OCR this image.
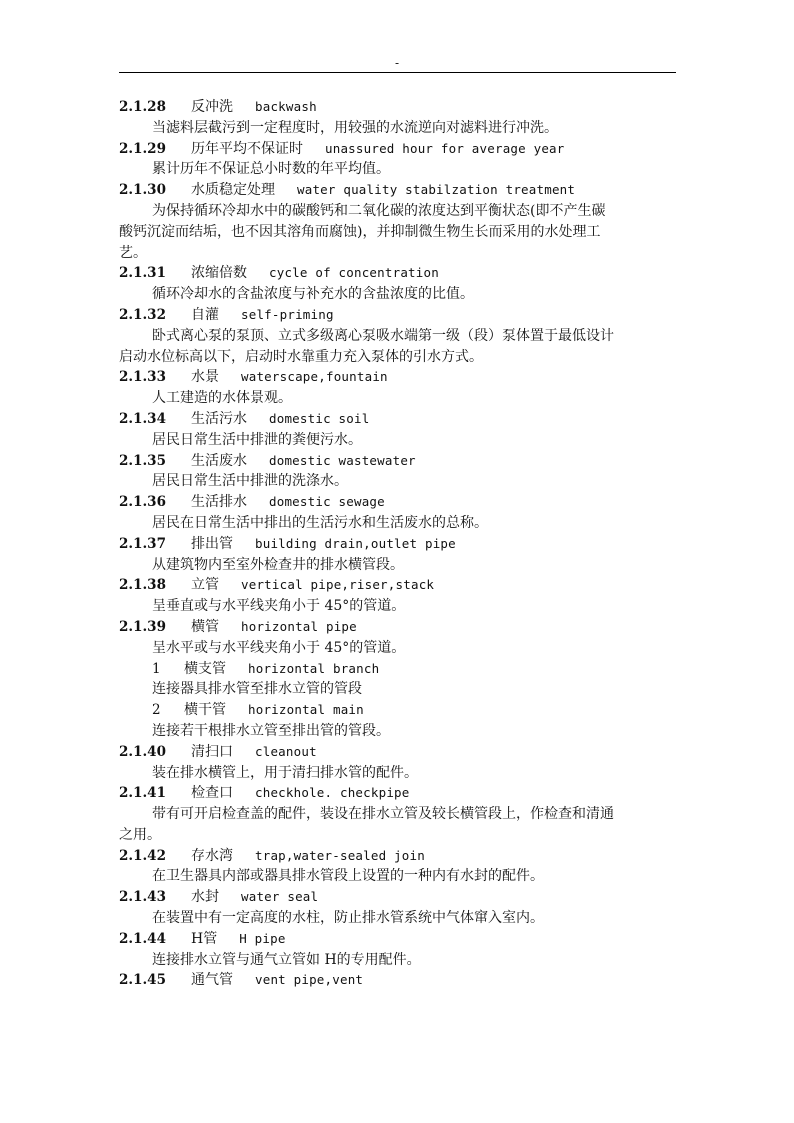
-
2.1.28 反冲洗 backwash
当滤料层截污到一定程度时，用较强的水流逆向对滤料进行冲洗。
2.1.29 历年平均不保证时 unassured hour for average year
累计历年不保证总小时数的年平均值。
2.1.30 水质稳定处理 water quality stabilzation treatment
为保持循环冷却水中的碳酸钙和二氧化碳的浓度达到平衡状态(即不产生碳
酸钙沉淀而结垢，也不因其溶角而腐蚀)，并抑制微生物生长而采用的水处理工
艺。
2.1.31 浓缩倍数 cycle of concentration
循环冷却水的含盐浓度与补充水的含盐浓度的比值。
2.1.32 自灌 self-priming
卧式离心泵的泵顶、立式多级离心泵吸水端第一级（段）泵体置于最低设计
启动水位标高以下，启动时水靠重力充入泵体的引水方式。
2.1.33 水景 waterscape,fountain
人工建造的水体景观。
2.1.34 生活污水 domestic soil
居民日常生活中排泄的粪便污水。
2.1.35 生活废水 domestic wastewater
居民日常生活中排泄的洗涤水。
2.1.36 生活排水 domestic sewage
居民在日常生活中排出的生活污水和生活废水的总称。
2.1.37 排出管 building drain,outlet pipe
从建筑物内至室外检查井的排水横管段。
2.1.38 立管 vertical pipe,riser,stack
呈垂直或与水平线夹角小于 45°的管道。
2.1.39 横管 horizontal pipe
呈水平或与水平线夹角小于 45°的管道。
1 横支管 horizontal branch
连接器具排水管至排水立管的管段
2 横干管 horizontal main
连接若干根排水立管至排出管的管段。
2.1.40 清扫口 cleanout
装在排水横管上，用于清扫排水管的配件。
2.1.41 检查口 checkhole. checkpipe
带有可开启检查盖的配件，装设在排水立管及较长横管段上，作检查和清通
之用。
2.1.42 存水湾 trap,water-sealed join
在卫生器具内部或器具排水管段上设置的一种内有水封的配件。
2.1.43 水封 water seal
在装置中有一定高度的水柱，防止排水管系统中气体窜入室内。
2.1.44 H管 H pipe
连接排水立管与通气立管如 H的专用配件。
2.1.45 通气管 vent pipe,vent
